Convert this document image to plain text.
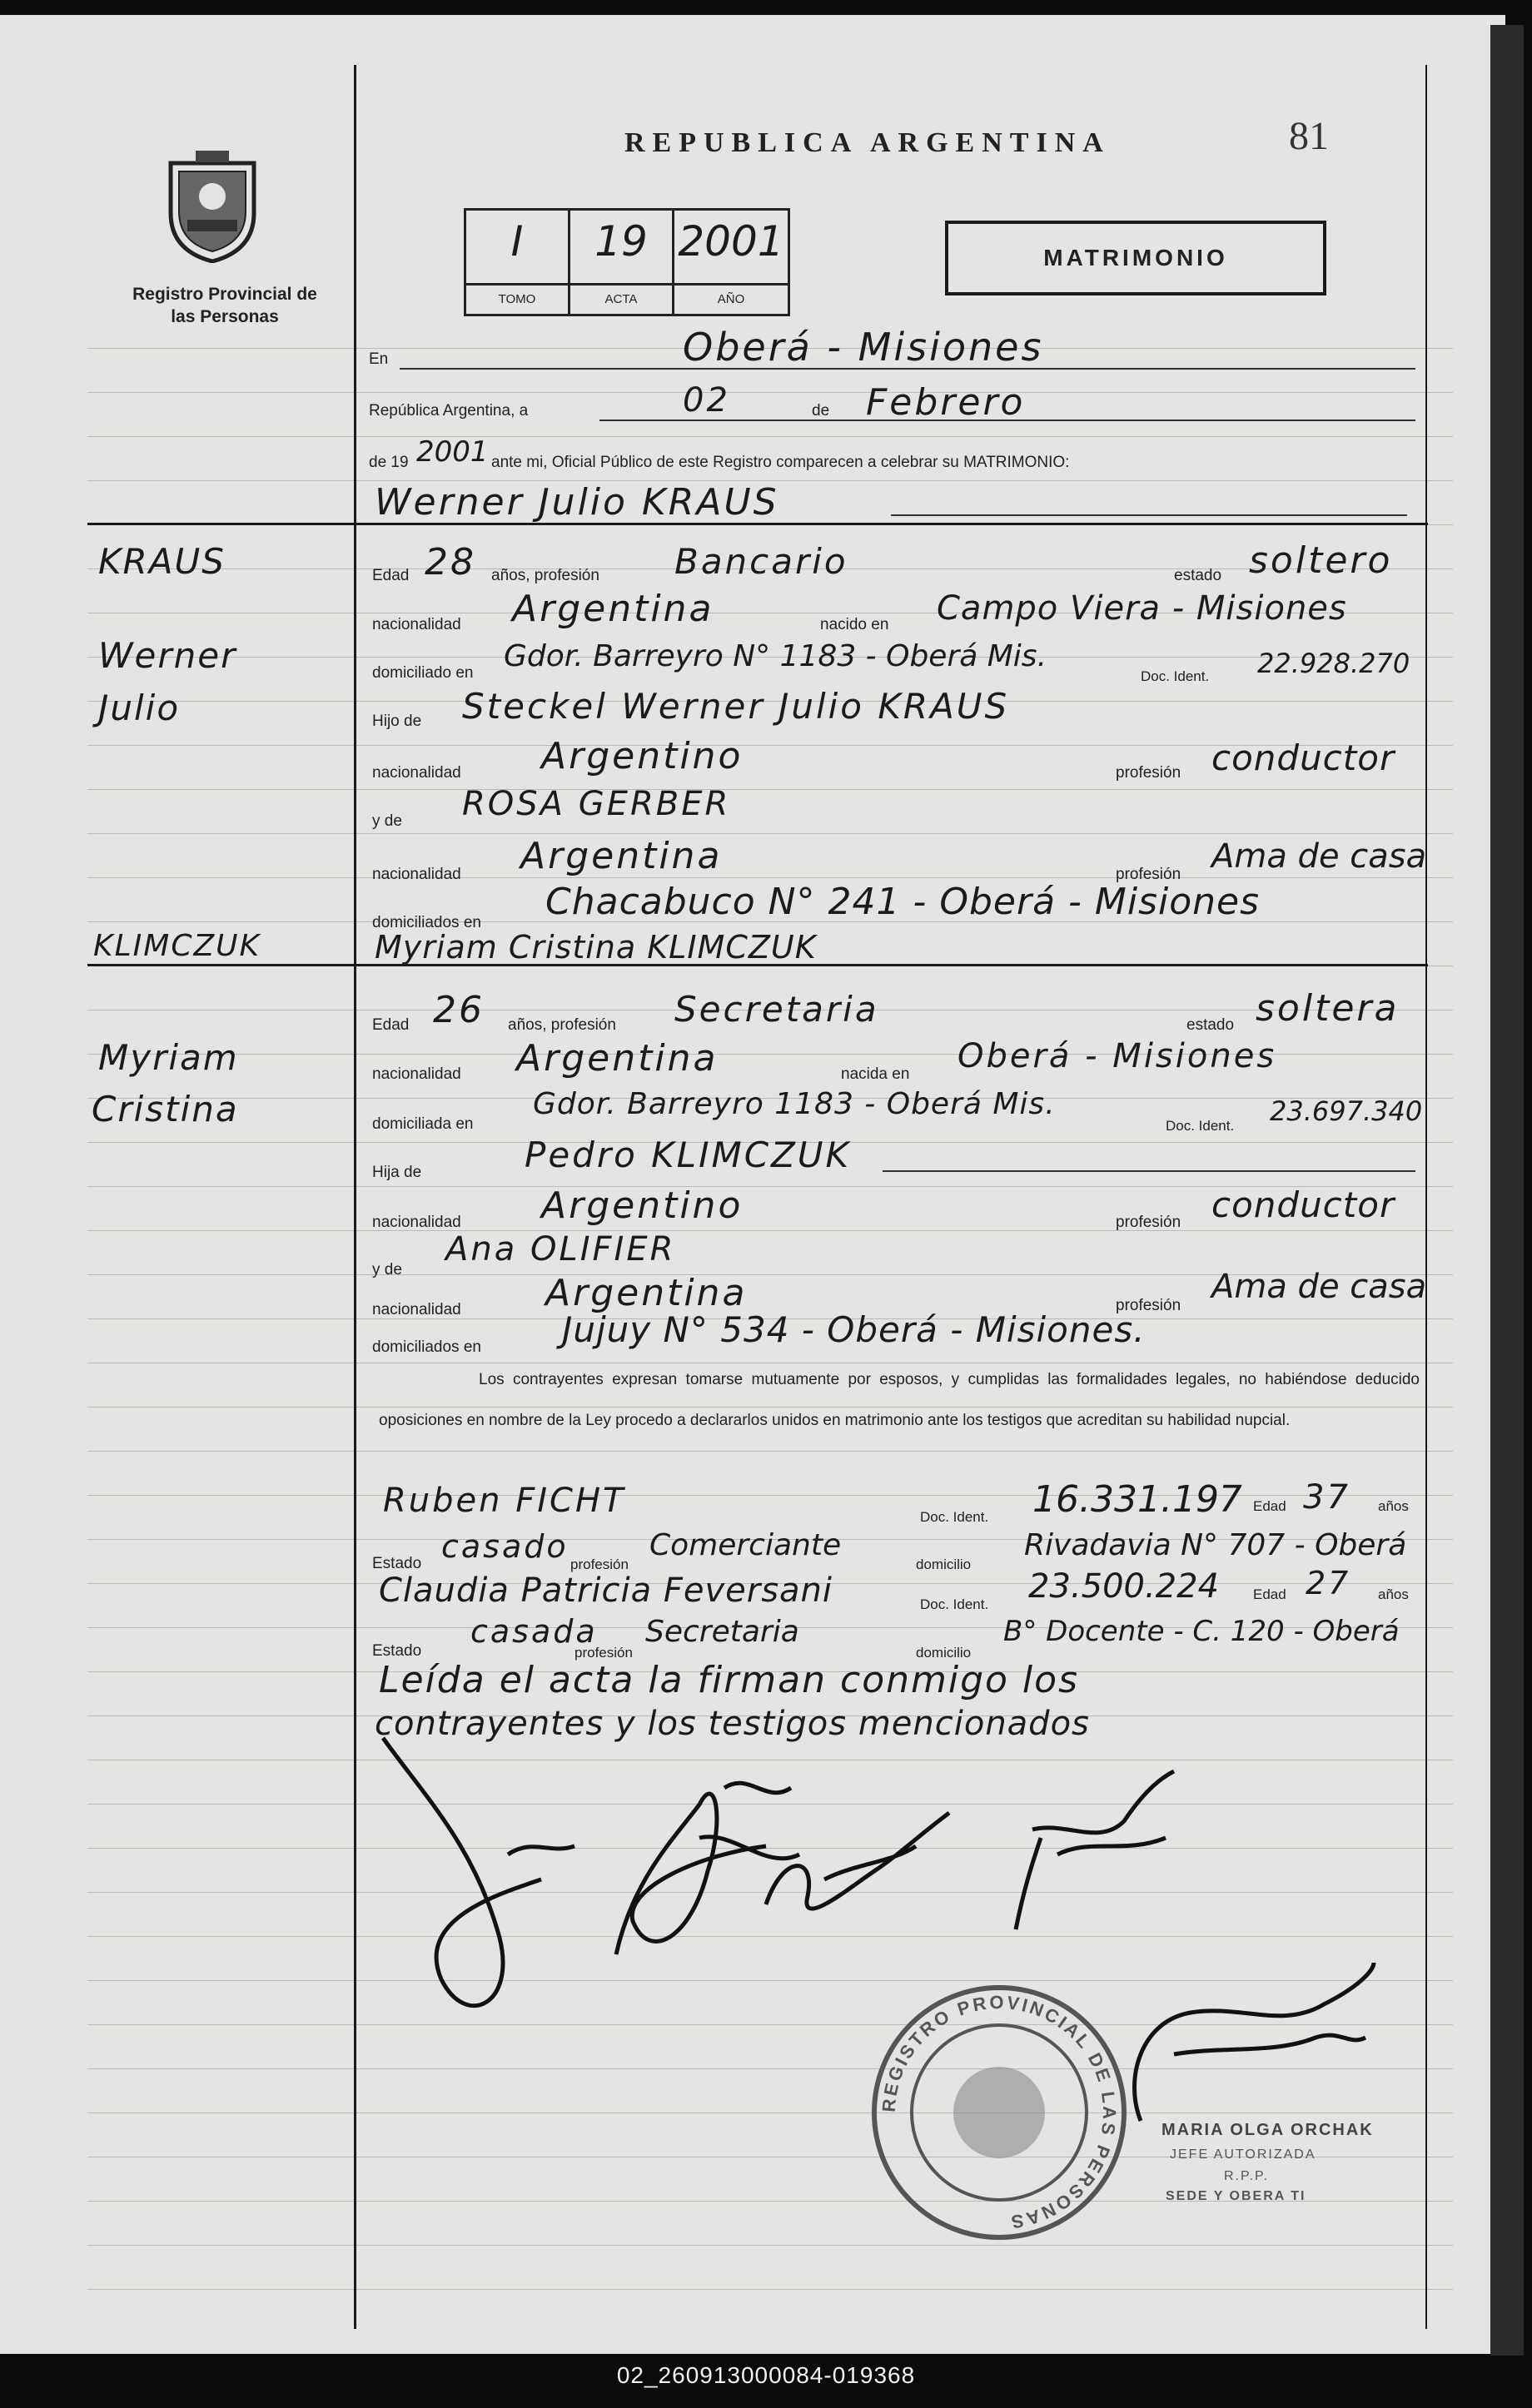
Registro Provincial de las Personas
REPUBLICA ARGENTINA	81
I
TOMO
19
ACTA
2001
AÑO
MATRIMONIO
En	Oberá - Misiones
República Argentina, a	02	de Febrero
de 19 2001 ante mi, Oficial Público de este Registro comparecen a celebrar su MATRIMONIO:
Werner Julio KRAUS
KRAUS
Werner
Julio
KLIMCZUK
Myriam
Cristina
Edad 28 años, profesión Bancario	estado soltero
nacionalidad Argentina	nacido en Campo Viera - Misiones
domiciliado en Gdor. Barreyro N° 1183 - Oberá Mis.
Doc. Ident. 22.928.270
Hijo de Steckel Werner Julio KRAUS
nacionalidad Argentino	profesión conductor
y de ROSA GERBER
nacionalidad Argentina	profesión Ama de casa
domiciliados en Chacabuco N° 241 - Oberá - Misiones
Myriam Cristina KLIMCZUK
Edad 26 años, profesión Secretaria	estado soltera
nacionalidad Argentina	nacida en Oberá - Misiones
domiciliada en
Gdor. Barreyro 1183 - Oberá Mis.
Doc. Ident. 23.697.340
Hija de	Pedro KLIMCZUK
nacionalidad Argentino	profesión conductor
y de
Ana OLIFIER
nacionalidad Argentina	profesión Ama de casa
domiciliados en Jujuy N° 534 - Oberá - Misiones.
Los contrayentes expresan tomarse mutuamente por esposos, y cumplidas las formalidades legales, no habiéndose deducido oposiciones en nombre de la Ley procedo a declararlos unidos en matrimonio ante los testigos que acreditan su habilidad nupcial.
Ruben FICHT	Doc. Ident. 16.331.197 Edad 37 años
Estado casado profesión
Comerciante
domicilio
Rivadavia N° 707 - Oberá
Claudia Patricia Feversani	Doc. Ident. 23.500.224 Edad 27 años
Estado
casada
profesión
Secretaria
domicilio
B° Docente - C. 120 - Oberá
Leída el acta la firman conmigo los
contrayentes y los testigos mencionados
REGISTRO PROVINCIAL DE LAS PERSONAS
MARIA OLGA ORCHAK
JEFE AUTORIZADA
R.P.P.
SEDE Y OBERA TI
02_260913000084-019368
